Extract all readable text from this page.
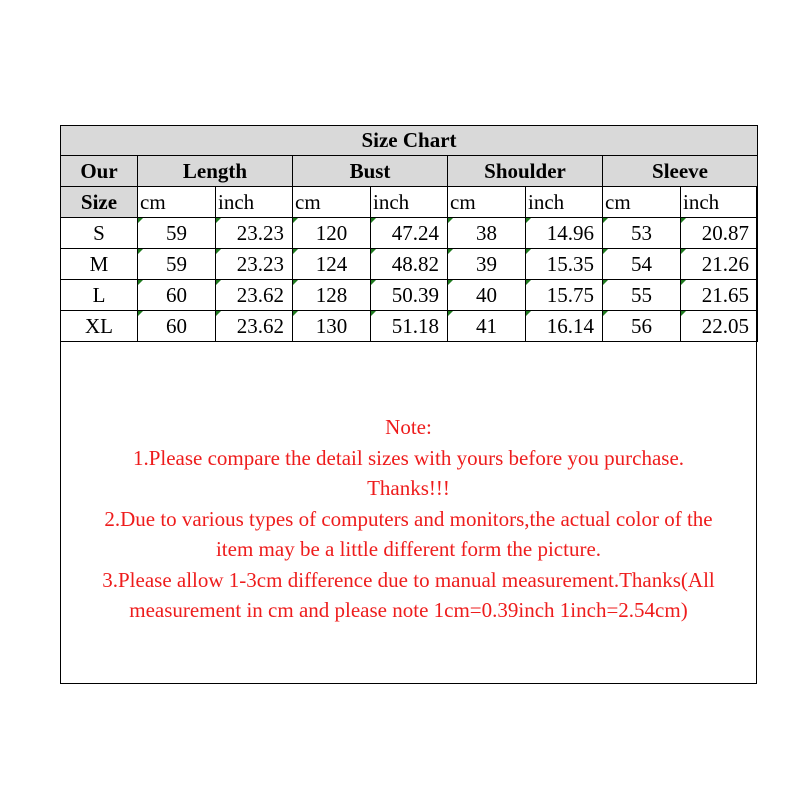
Size Chart								
Our	Length		Bust		Shoulder		Sleeve	
Size	cm	inch	cm	inch	cm	inch	cm	inch
S	59	23.23	120	47.24	38	14.96	53	20.87
M	59	23.23	124	48.82	39	15.35	54	21.26
L	60	23.62	128	50.39	40	15.75	55	21.65
XL	60	23.62	130	51.18	41	16.14	56	22.05
Note:
1.Please compare the detail sizes with yours before you purchase.
Thanks!!!
2.Due to various types of computers and monitors,the actual color of the
item may be a little different form the picture.
3.Please allow 1-3cm difference due to manual measurement.Thanks(All
measurement in cm and please note 1cm=0.39inch 1inch=2.54cm)
